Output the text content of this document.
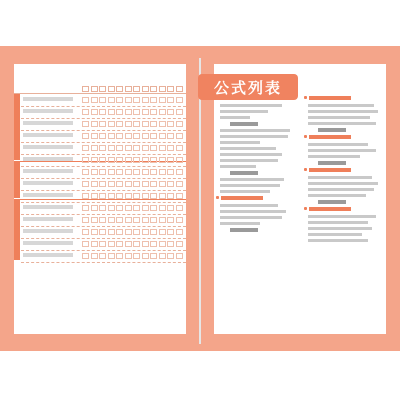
公式列表
